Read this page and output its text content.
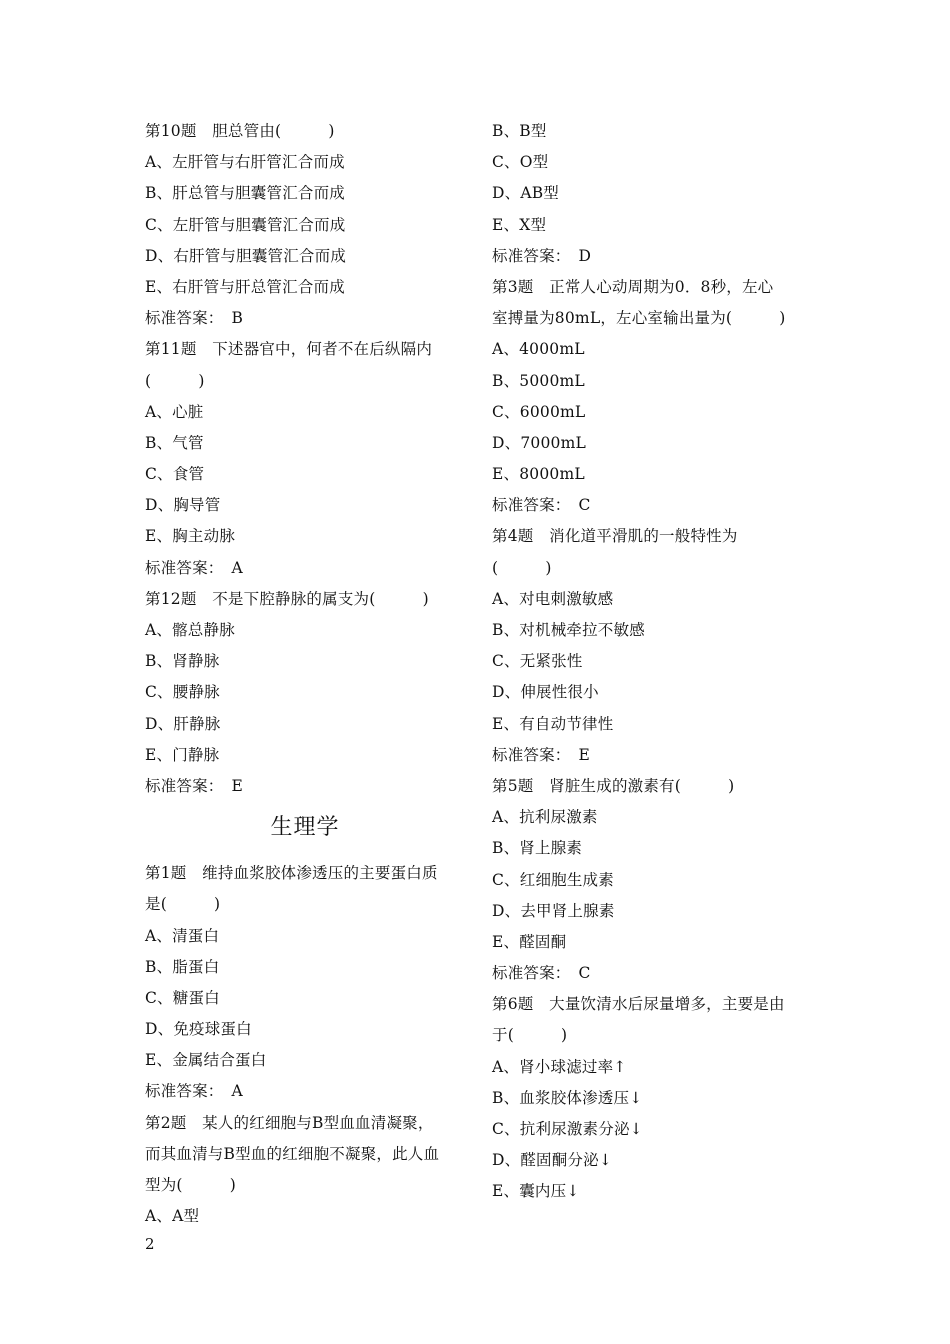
第10题　胆总管由(　　　)
A、左肝管与右肝管汇合而成
B、肝总管与胆囊管汇合而成
C、左肝管与胆囊管汇合而成
D、右肝管与胆囊管汇合而成
E、右肝管与肝总管汇合而成
标准答案：　B
第11题　下述器官中，何者不在后纵隔内
(　　　)
A、心脏
B、气管
C、食管
D、胸导管
E、胸主动脉
标准答案：　A
第12题　不是下腔静脉的属支为(　　　)
A、髂总静脉
B、肾静脉
C、腰静脉
D、肝静脉
E、门静脉
标准答案：　E
生理学
第1题　维持血浆胶体渗透压的主要蛋白质
是(　　　)
A、清蛋白
B、脂蛋白
C、糖蛋白
D、免疫球蛋白
E、金属结合蛋白
标准答案：　A
第2题　某人的红细胞与B型血血清凝聚，
而其血清与B型血的红细胞不凝聚，此人血
型为(　　　)
A、A型
B、B型
C、O型
D、AB型
E、X型
标准答案：　D
第3题　正常人心动周期为0．8秒，左心
室搏量为80mL，左心室输出量为(　　　)
A、4000mL
B、5000mL
C、6000mL
D、7000mL
E、8000mL
标准答案：　C
第4题　消化道平滑肌的一般特性为
(　　　)
A、对电刺激敏感
B、对机械牵拉不敏感
C、无紧张性
D、伸展性很小
E、有自动节律性
标准答案：　E
第5题　肾脏生成的激素有(　　　)
A、抗利尿激素
B、肾上腺素
C、红细胞生成素
D、去甲肾上腺素
E、醛固酮
标准答案：　C
第6题　大量饮清水后尿量增多，主要是由
于(　　　)
A、肾小球滤过率↑
B、血浆胶体渗透压↓
C、抗利尿激素分泌↓
D、醛固酮分泌↓
E、囊内压↓
2
